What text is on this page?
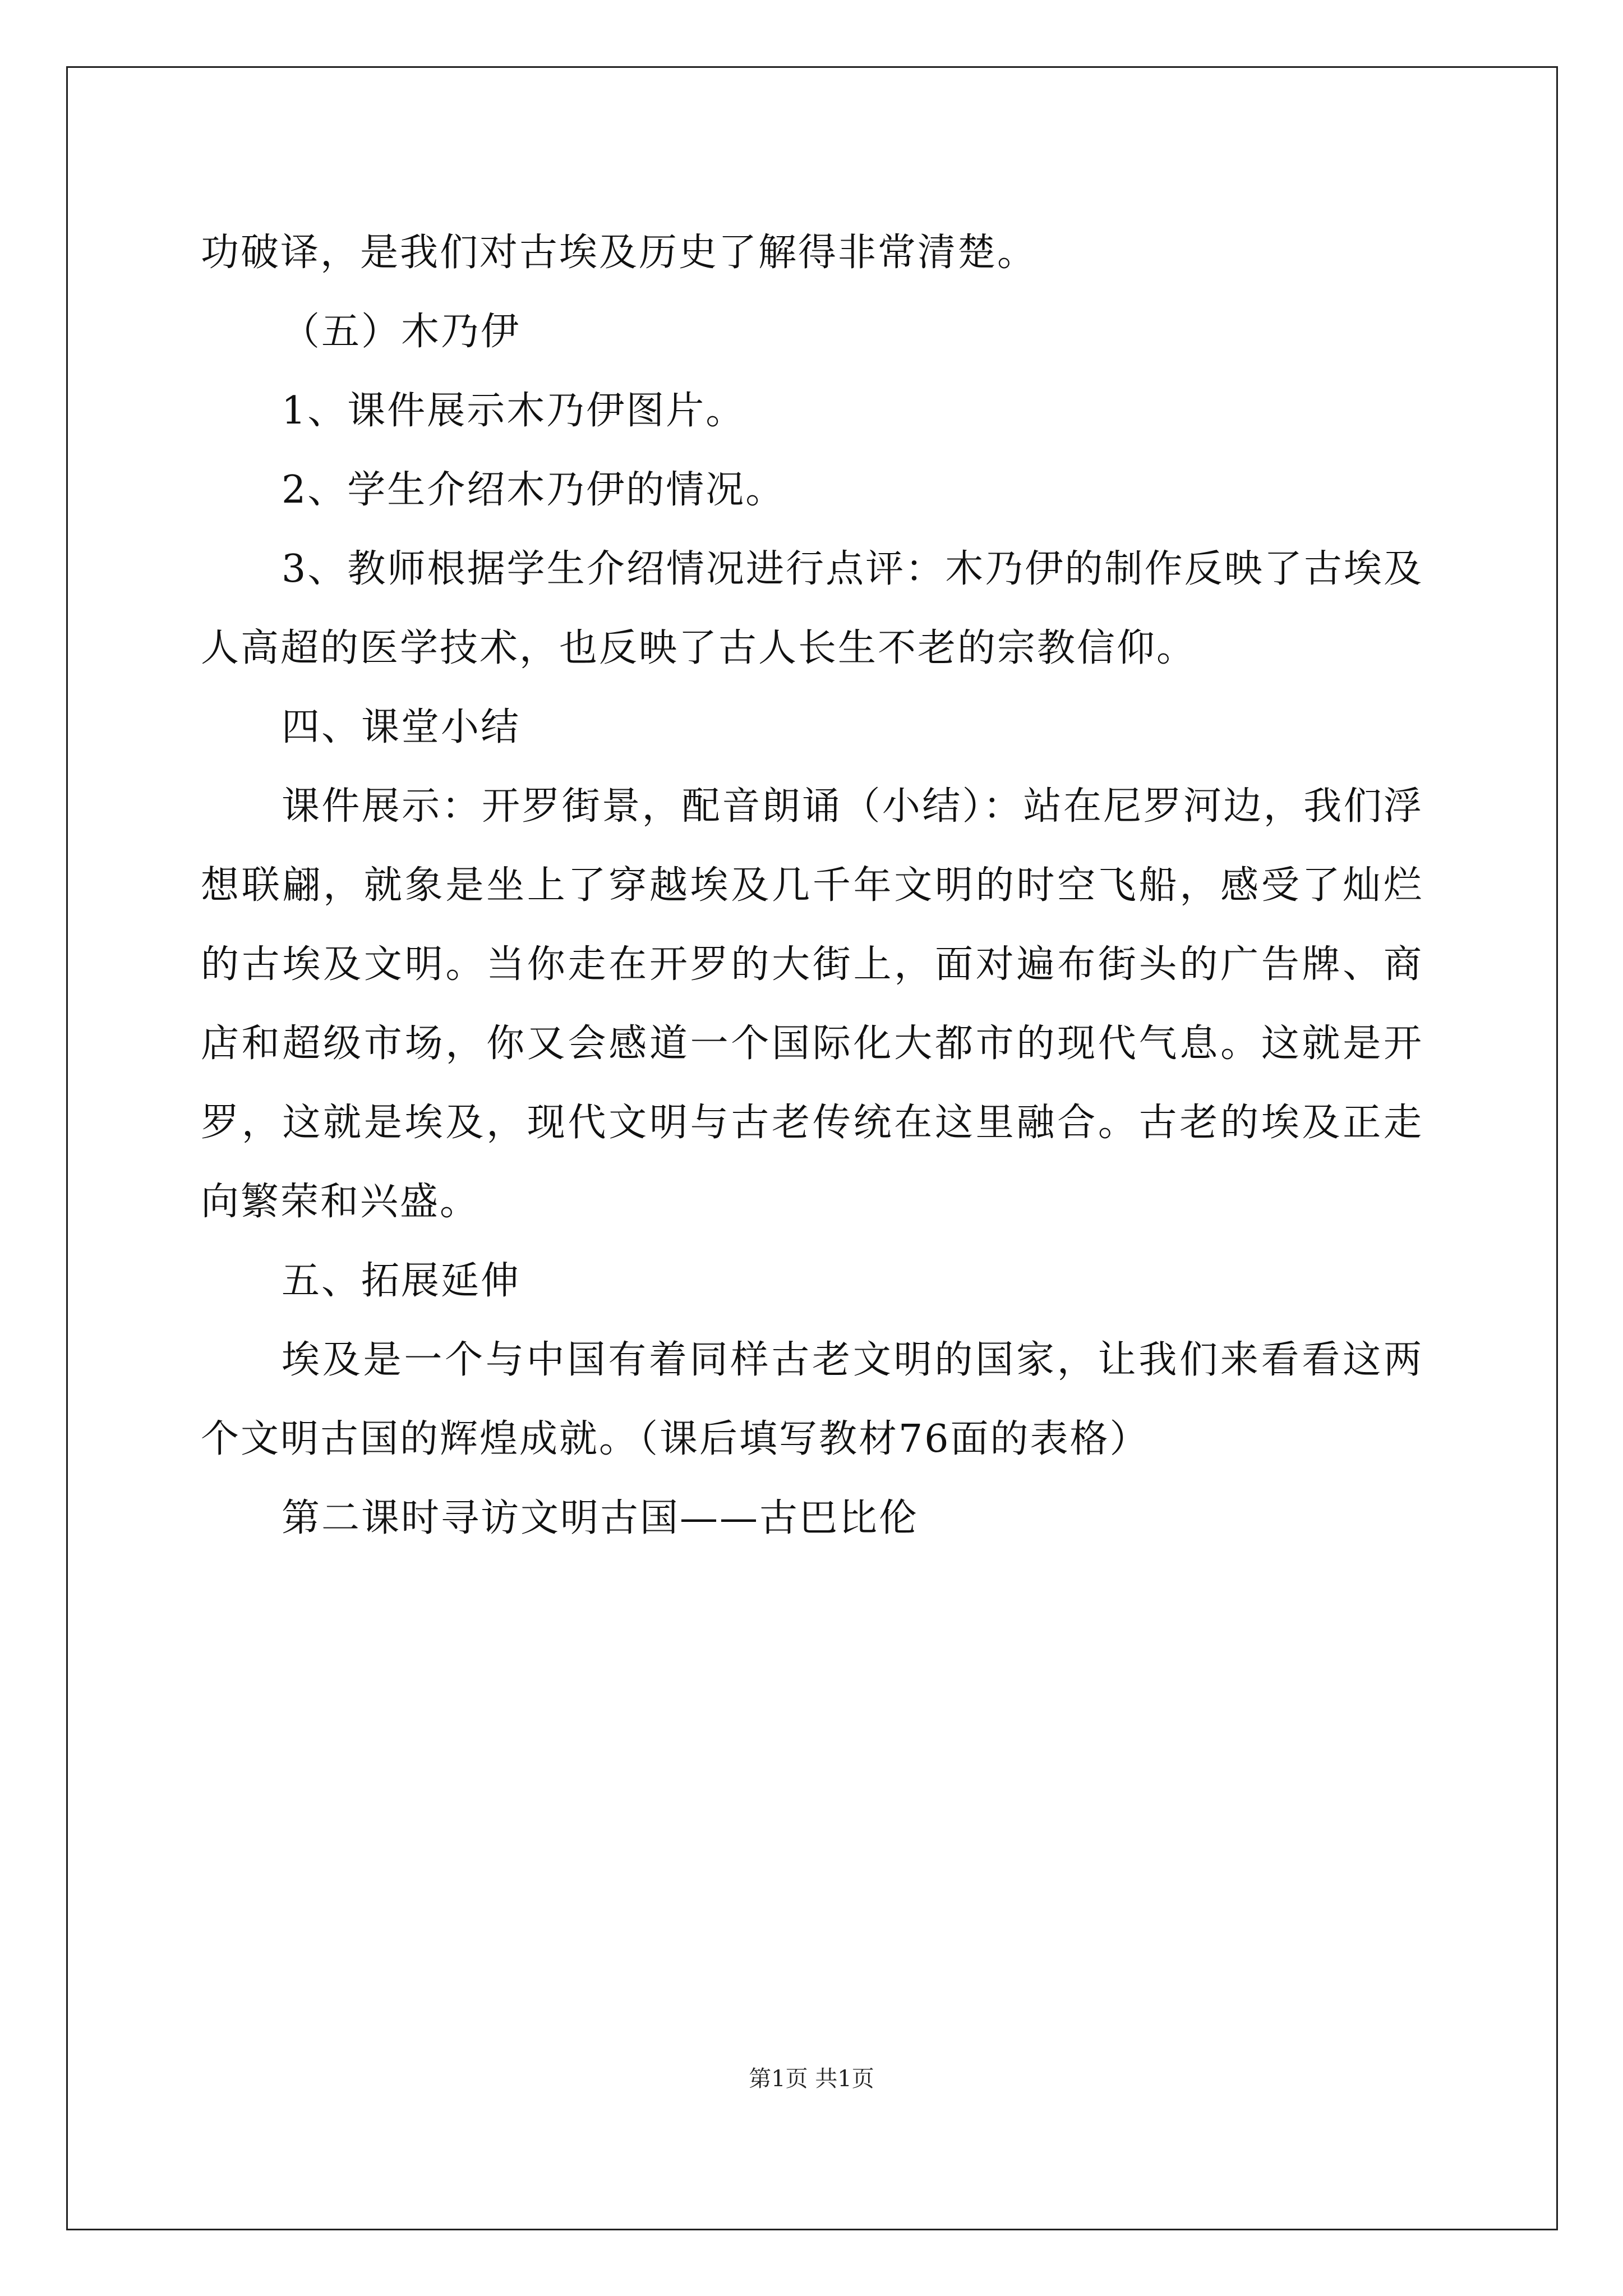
功破译，是我们对古埃及历史了解得非常清楚。

（五）木乃伊

1、课件展示木乃伊图片。

2、学生介绍木乃伊的情况。

3、教师根据学生介绍情况进行点评：木乃伊的制作反映了古埃及人高超的医学技术，也反映了古人长生不老的宗教信仰。

四、课堂小结

课件展示：开罗街景，配音朗诵（小结）：站在尼罗河边，我们浮想联翩，就象是坐上了穿越埃及几千年文明的时空飞船，感受了灿烂的古埃及文明。当你走在开罗的大街上，面对遍布街头的广告牌、商店和超级市场，你又会感道一个国际化大都市的现代气息。这就是开罗，这就是埃及，现代文明与古老传统在这里融合。古老的埃及正走向繁荣和兴盛。

五、拓展延伸

埃及是一个与中国有着同样古老文明的国家，让我们来看看这两个文明古国的辉煌成就。（课后填写教材76面的表格）

第二课时寻访文明古国——古巴比伦

第1页 共1页
